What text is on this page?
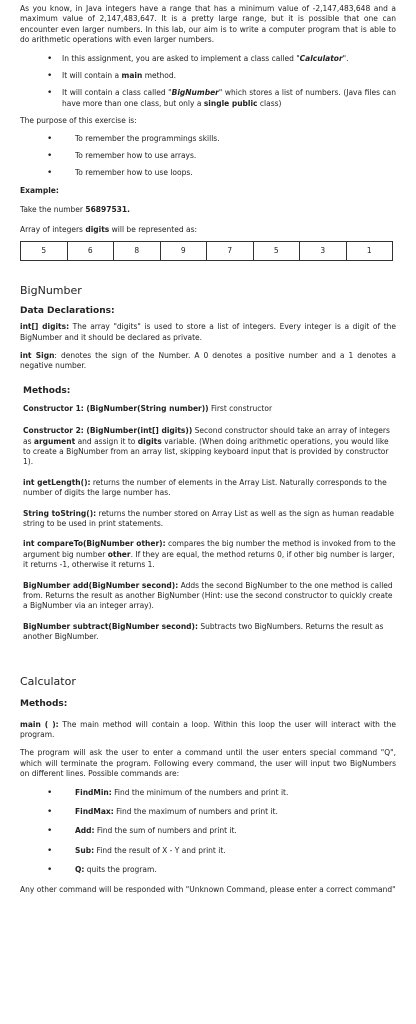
As you know, in Java integers have a range that has a minimum value of -2,147,483,648 and a maximum value of 2,147,483,647. It is a pretty large range, but it is possible that one can encounter even larger numbers. In this lab, our aim is to write a computer program that is able to do arithmetic operations with even larger numbers.

• In this assignment, you are asked to implement a class called "Calculator".
• It will contain a main method.
• It will contain a class called "BigNumber" which stores a list of numbers. (Java files can have more than one class, but only a single public class)

The purpose of this exercise is:

• To remember the programmings skills.
• To remember how to use arrays.
• To remember how to use loops.

Example:

Take the number 56897531.

Array of integers digits will be represented as:

5	6	8	9	7	5	3	1

BigNumber

Data Declarations:

int[] digits: The array "digits" is used to store a list of integers. Every integer is a digit of the BigNumber and it should be declared as private.

int Sign: denotes the sign of the Number. A 0 denotes a positive number and a 1 denotes a negative number.

Methods:

Constructor 1: (BigNumber(String number)) First constructor

Constructor 2: (BigNumber(int[] digits)) Second constructor should take an array of integers as argument and assign it to digits variable. (When doing arithmetic operations, you would like to create a BigNumber from an array list, skipping keyboard input that is provided by constructor 1).

int getLength(): returns the number of elements in the Array List. Naturally corresponds to the number of digits the large number has.

String toString(): returns the number stored on Array List as well as the sign as human readable string to be used in print statements.

int compareTo(BigNumber other): compares the big number the method is invoked from to the argument big number other. If they are equal, the method returns 0, if other big number is larger, it returns -1, otherwise it returns 1.

BigNumber add(BigNumber second): Adds the second BigNumber to the one method is called from. Returns the result as another BigNumber (Hint: use the second constructor to quickly create a BigNumber via an integer array).

BigNumber subtract(BigNumber second): Subtracts two BigNumbers. Returns the result as another BigNumber.

Calculator

Methods:

main ( ): The main method will contain a loop. Within this loop the user will interact with the program.

The program will ask the user to enter a command until the user enters special command "Q", which will terminate the program. Following every command, the user will input two BigNumbers on different lines. Possible commands are:

• FindMin: Find the minimum of the numbers and print it.
• FindMax: Find the maximum of numbers and print it.
• Add: Find the sum of numbers and print it.
• Sub: Find the result of X - Y and print it.
• Q: quits the program.

Any other command will be responded with "Unknown Command, please enter a correct command"
